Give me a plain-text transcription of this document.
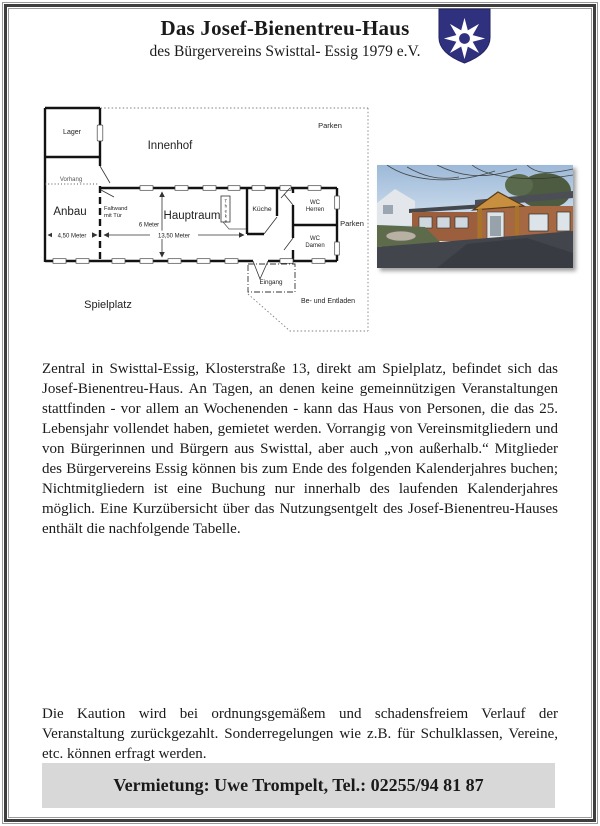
Das Josef-Bienentreu-Haus
des Bürgervereins Swisttal- Essig 1979 e.V.
Theke
Lager
Innenhof
Parken
Vorhang
Anbau	Faltwand
mit Tür	Hauptraum
Küche
WC
Herren
WC
Damen
Parken
Spielplatz
Eingang
Be- und Entladen
4,50 Meter	13,50 Meter
6 Meter

Zentral in Swisttal-Essig, Klosterstraße 13, direkt am Spielplatz, befindet sich das Josef-Bienentreu-Haus. An Tagen, an denen keine gemeinnützigen Veranstaltungen stattfinden - vor allem an Wochenenden - kann das Haus von Personen, die das 25. Lebensjahr vollendet haben, gemietet werden. Vorrangig von Vereinsmitgliedern und von Bürgerinnen und Bürgern aus Swisttal, aber auch „von außerhalb.“ Mitglieder des Bürgervereins Essig können bis zum Ende des folgenden Kalenderjahres buchen; Nichtmitgliedern ist eine Buchung nur innerhalb des laufenden Kalenderjahres möglich. Eine Kurzübersicht über das Nutzungsentgelt des Josef-Bienentreu-Hauses enthält die nachfolgende Tabelle.

Die Kaution wird bei ordnungsgemäßem und schadensfreiem Verlauf der Veranstaltung zurückgezahlt. Sonderregelungen wie z.B. für Schulklassen, Vereine, etc. können erfragt werden.

Vermietung: Uwe Trompelt, Tel.: 02255/94 81 87
